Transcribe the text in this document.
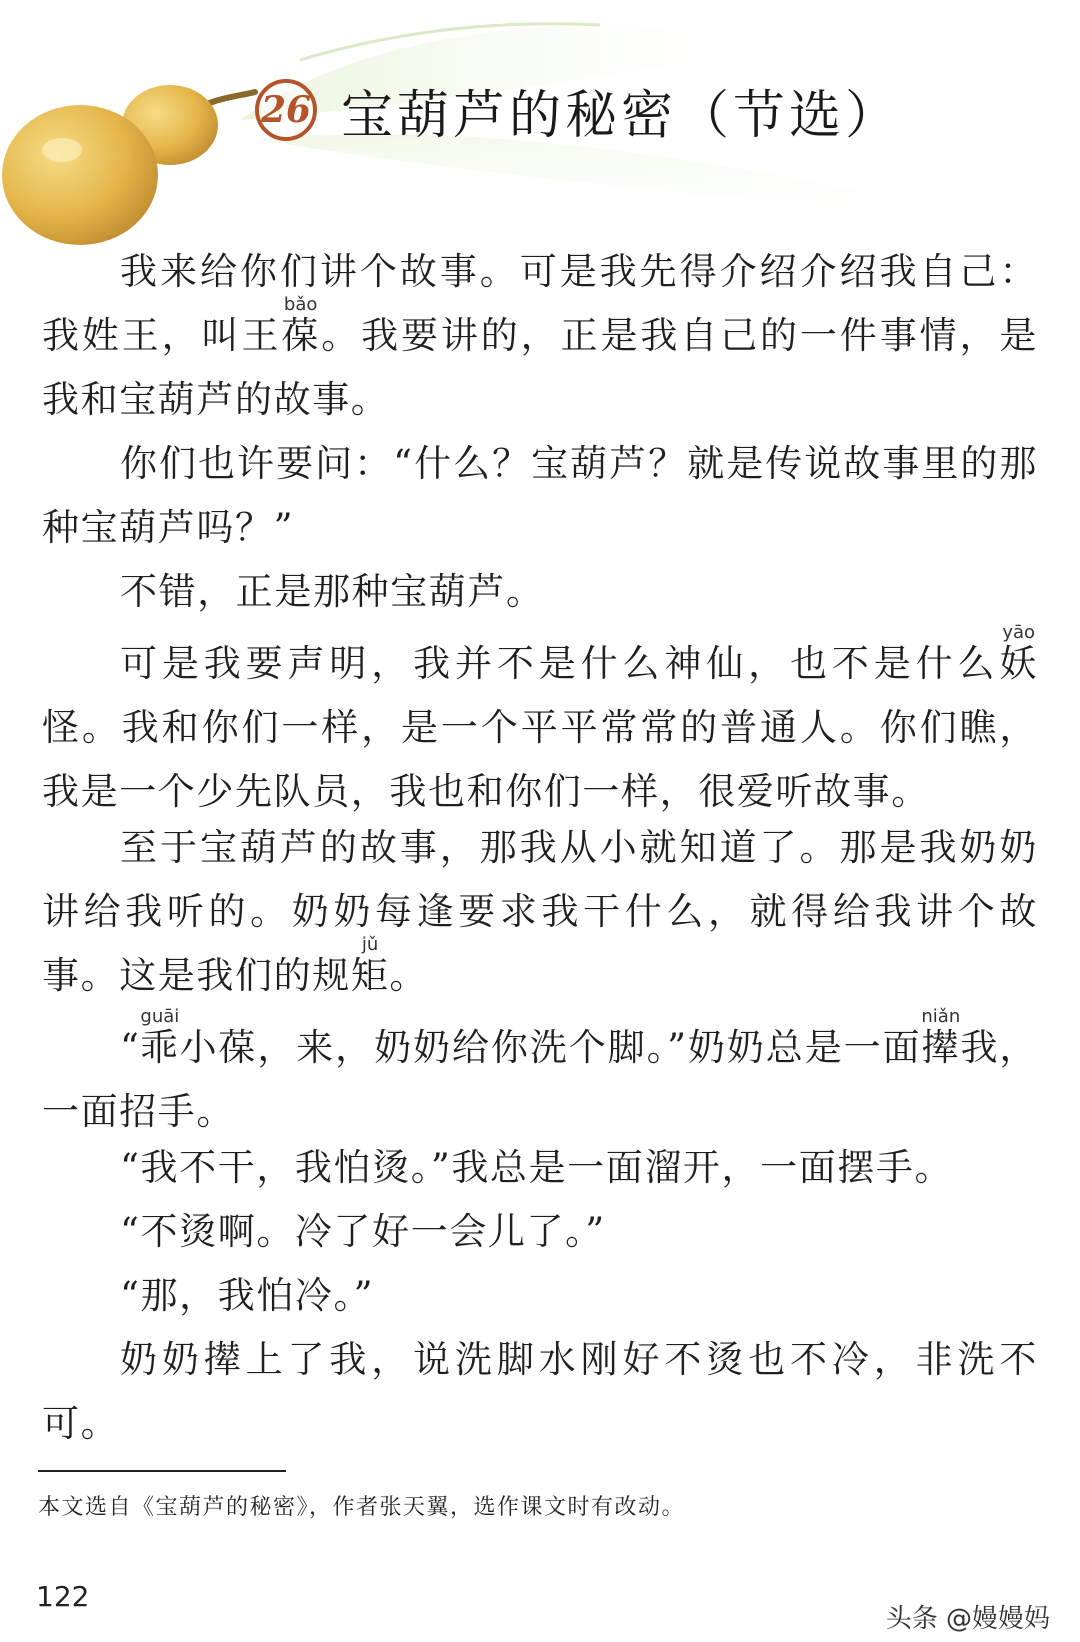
26 宝葫芦的秘密（节选）
我来给你们讲个故事。可是我先得介绍介绍我自己：我姓王，叫王葆bǎo。我要讲的，正是我自己的一件事情，是我和宝葫芦的故事。
你们也许要问：“什么？宝葫芦？就是传说故事里的那种宝葫芦吗？”
不错，正是那种宝葫芦。
可是我要声明，我并不是什么神仙，也不是什么妖yāo怪。我和你们一样，是一个平平常常的普通人。你们瞧，我是一个少先队员，我也和你们一样，很爱听故事。
至于宝葫芦的故事，那我从小就知道了。那是我奶奶讲给我听的。奶奶每逢要求我干什么，就得给我讲个故事。这是我们的规矩jǔ。
“乖guāi小葆，来，奶奶给你洗个脚。”奶奶总是一面撵niǎn我，一面招手。
“我不干，我怕烫。”我总是一面溜开，一面摆手。
“不烫啊。冷了好一会儿了。”
“那，我怕冷。”
奶奶撵上了我，说洗脚水刚好不烫也不冷，非洗不可。
本文选自《宝葫芦的秘密》，作者张天翼，选作课文时有改动。
122
头条 @嫚嫚妈
